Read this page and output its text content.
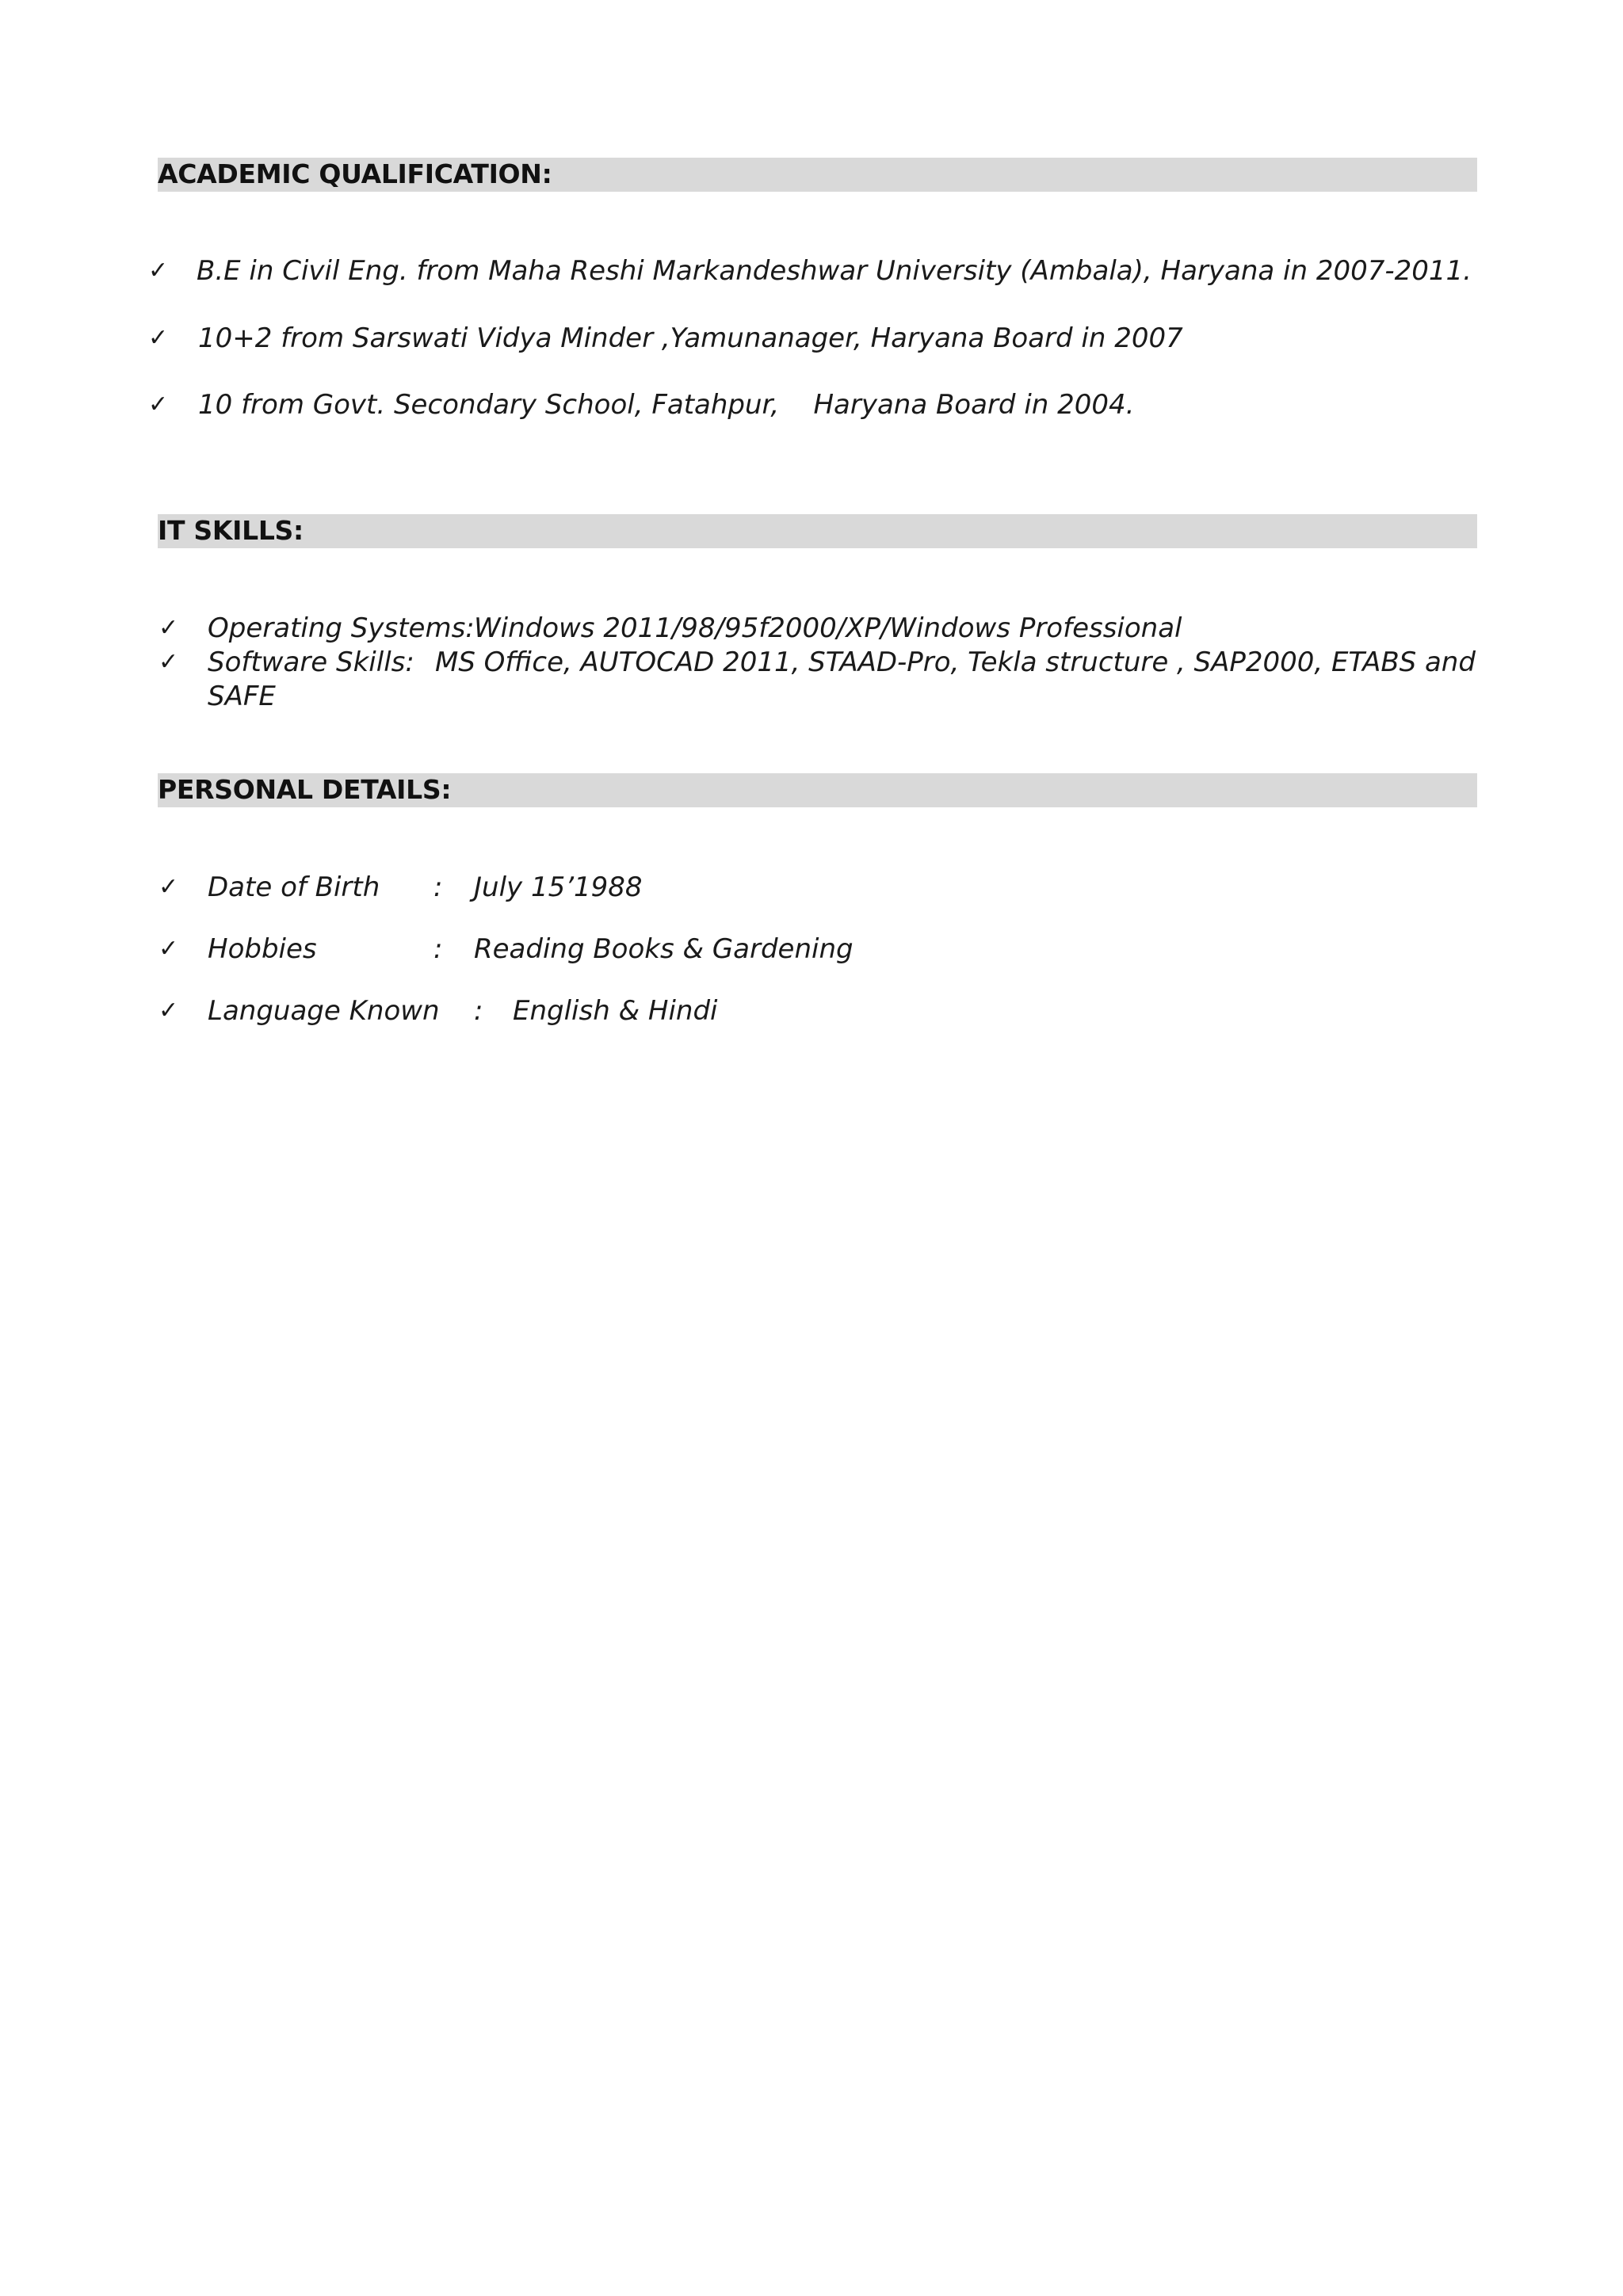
ACADEMIC QUALIFICATION:
✓ B.E in Civil Eng. from Maha Reshi Markandeshwar University (Ambala), Haryana in 2007-2011.
✓ 10+2 from Sarswati Vidya Minder ,Yamunanager, Haryana Board in 2007
✓ 10 from Govt. Secondary School, Fatahpur,    Haryana Board in 2004.
IT SKILLS:
✓ Operating Systems: Windows 2011/98/95f2000/XP/Windows Professional
✓ Software Skills: MS Office, AUTOCAD 2011, STAAD-Pro, Tekla structure , SAP2000, ETABS and
SAFE
PERSONAL DETAILS:
✓ Date of Birth : July 15’1988
✓ Hobbies	: Reading Books & Gardening
✓ Language Known : English & Hindi
